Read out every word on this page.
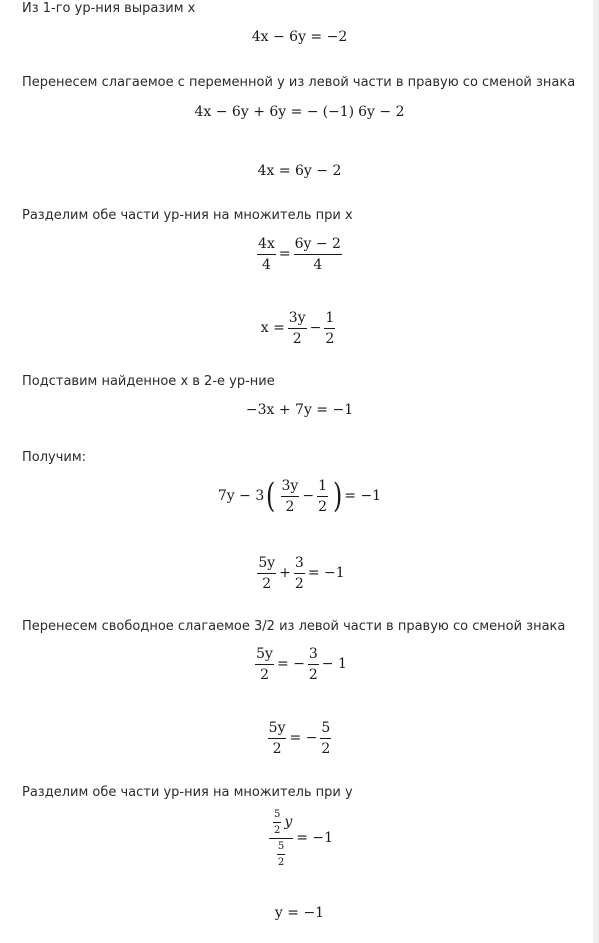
Из 1-го ур-ния выразим x
4x − 6y = −2
Перенесем слагаемое с переменной y из левой части в правую со сменой знака
4x − 6y + 6y = − (−1) 6y − 2
4x = 6y − 2
Разделим обе части ур-ния на множитель при x
$\frac{4x}{4} = \frac{6y - 2}{4}$
$x = \frac{3y}{2} - \frac{1}{2}$
Подставим найденное x в 2-е ур-ние
−3x + 7y = −1
Получим:
7y − 3 ( $\frac{3y}{2} - \frac{1}{2}$ ) = −1
$\frac{5y}{2} + \frac{3}{2} = -1$
Перенесем свободное слагаемое 3/2 из левой части в правую со сменой знака
$\frac{5y}{2}$ = − $\frac{3}{2} - 1$
$\frac{5y}{2}$ = − $\frac{5}{2}$
Разделим обе части ур-ния на множитель при y
$\frac{\frac{5}{2} y}{\frac{5}{2}} = -1$
y = −1
